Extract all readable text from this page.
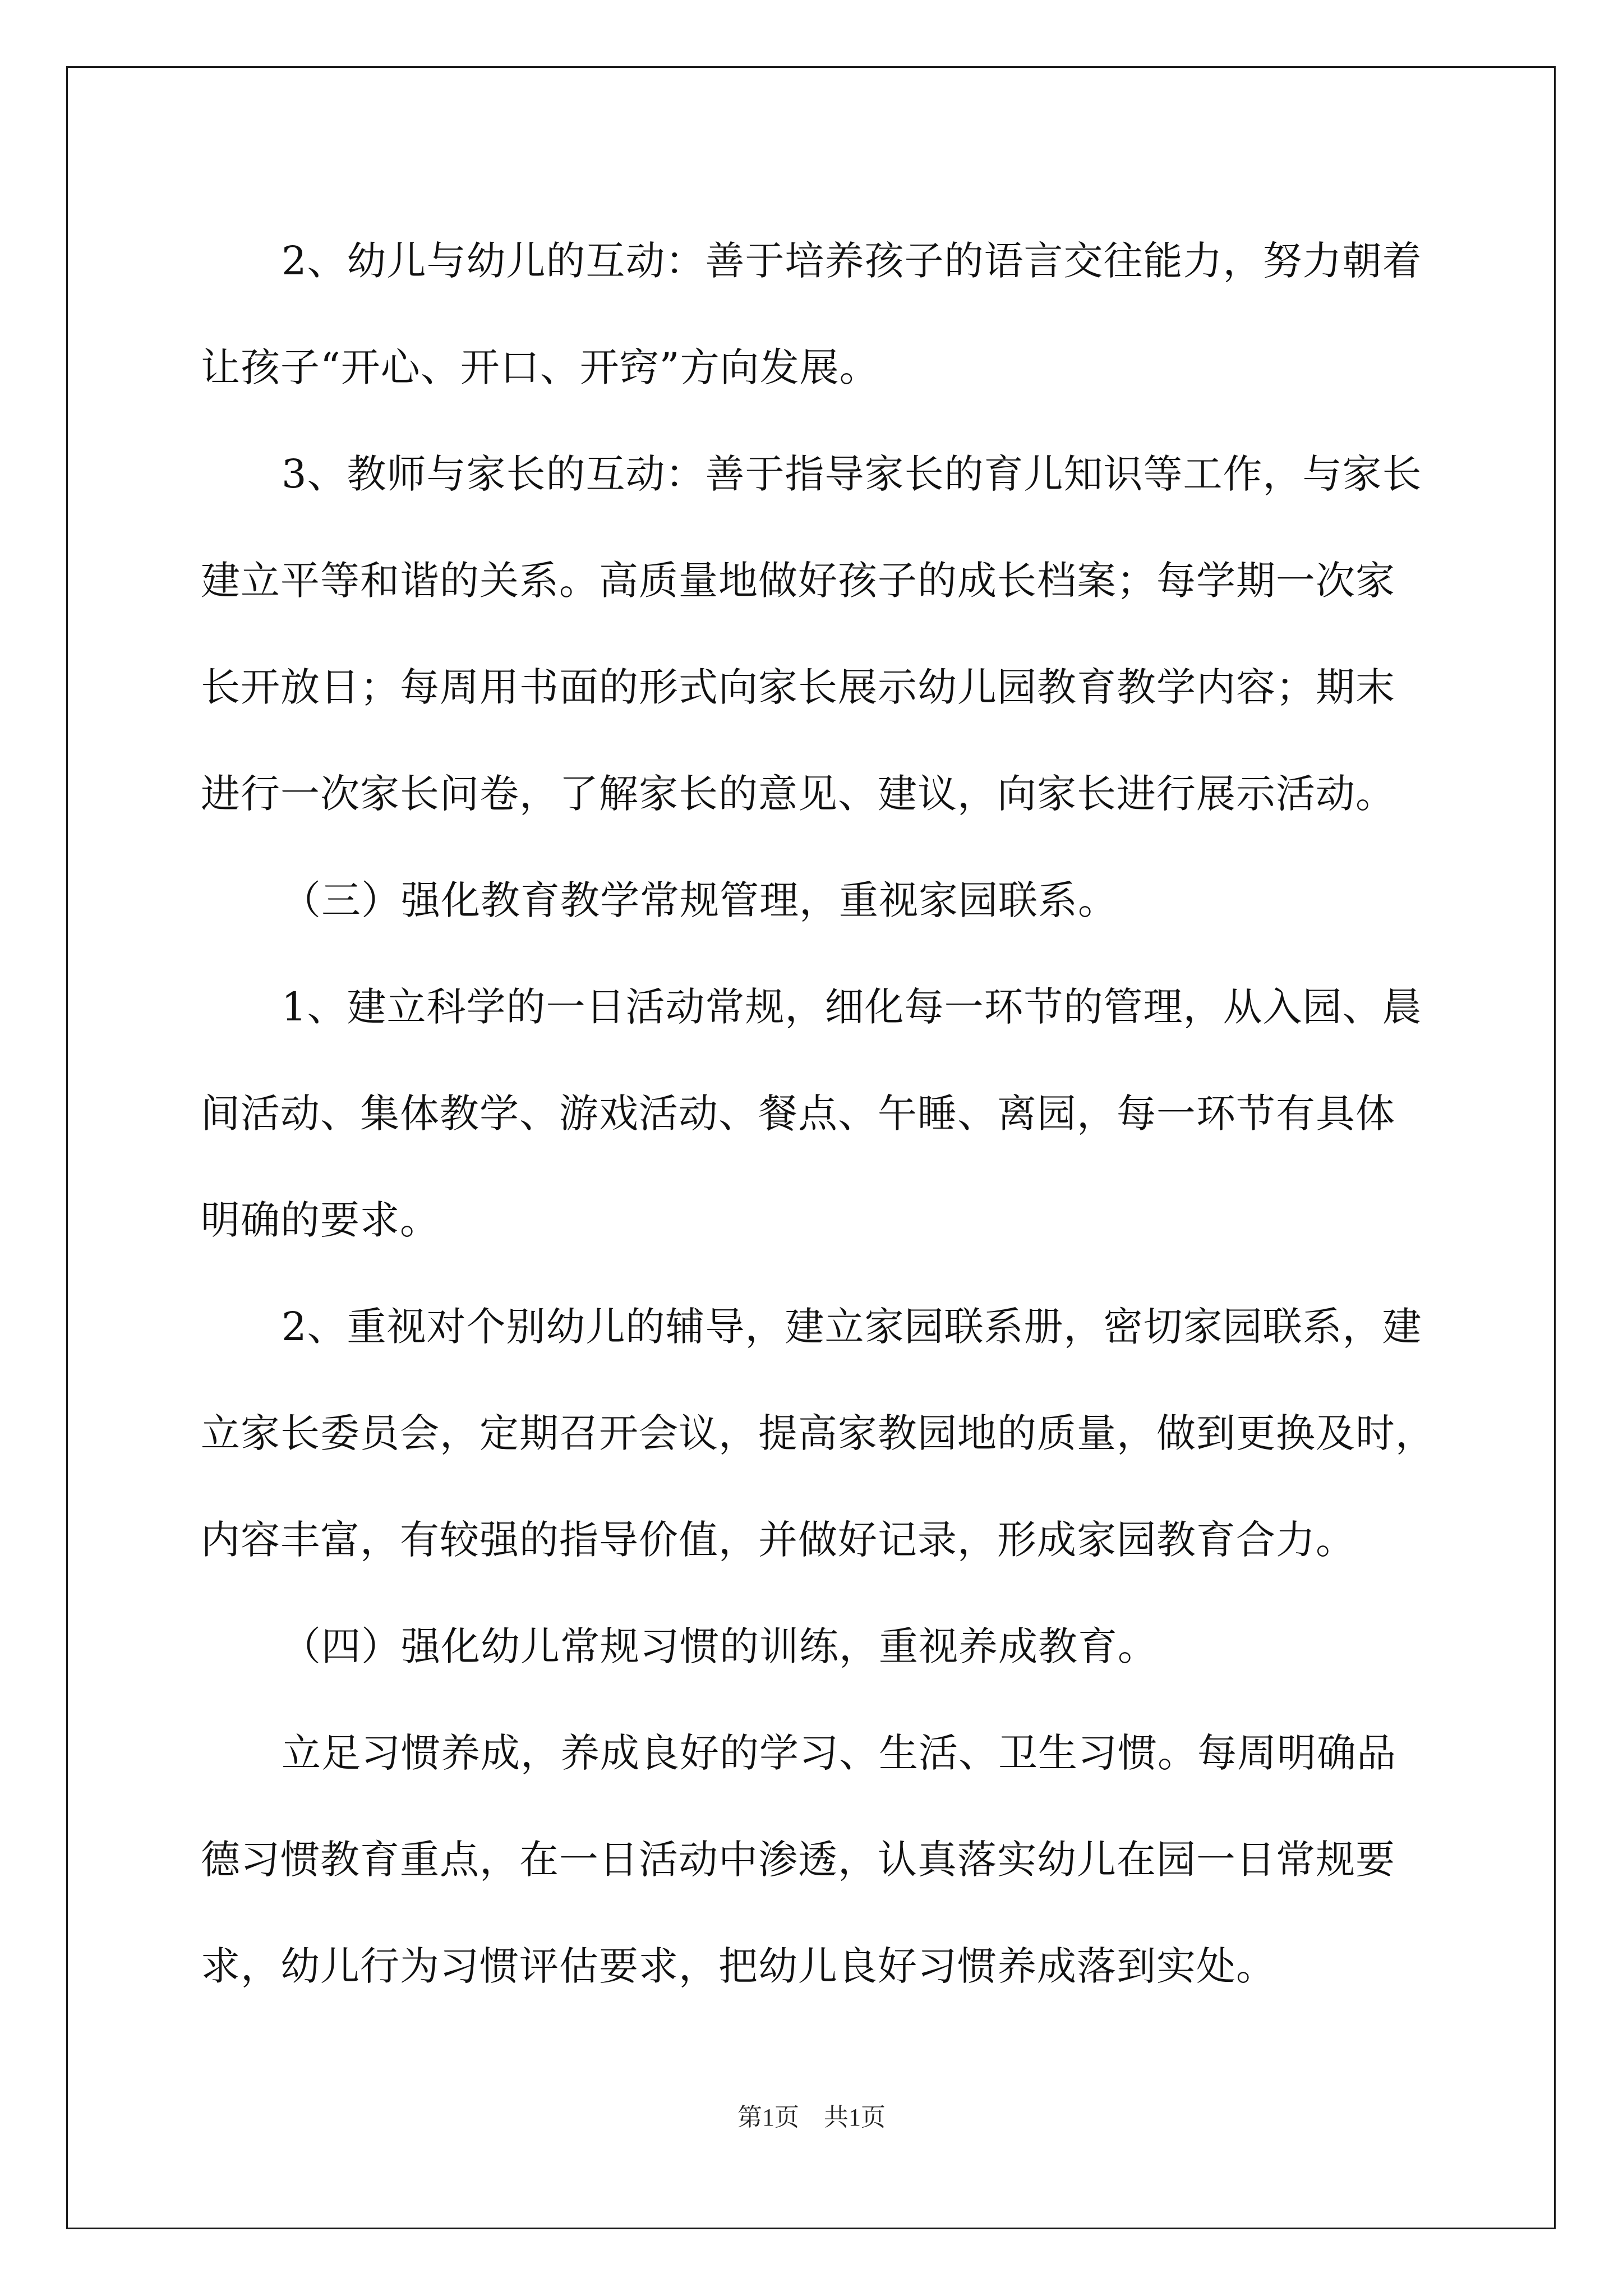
2、幼儿与幼儿的互动：善于培养孩子的语言交往能力，努力朝着
让孩子“开心、开口、开窍”方向发展。

3、教师与家长的互动：善于指导家长的育儿知识等工作，与家长
建立平等和谐的关系。高质量地做好孩子的成长档案；每学期一次家
长开放日；每周用书面的形式向家长展示幼儿园教育教学内容；期末
进行一次家长问卷，了解家长的意见、建议，向家长进行展示活动。

（三）强化教育教学常规管理，重视家园联系。

1、建立科学的一日活动常规，细化每一环节的管理，从入园、晨
间活动、集体教学、游戏活动、餐点、午睡、离园，每一环节有具体
明确的要求。

2、重视对个别幼儿的辅导，建立家园联系册，密切家园联系，建
立家长委员会，定期召开会议，提高家教园地的质量，做到更换及时，
内容丰富，有较强的指导价值，并做好记录，形成家园教育合力。

（四）强化幼儿常规习惯的训练，重视养成教育。

立足习惯养成，养成良好的学习、生活、卫生习惯。每周明确品
德习惯教育重点，在一日活动中渗透，认真落实幼儿在园一日常规要
求，幼儿行为习惯评估要求，把幼儿良好习惯养成落到实处。

第1页　共1页
